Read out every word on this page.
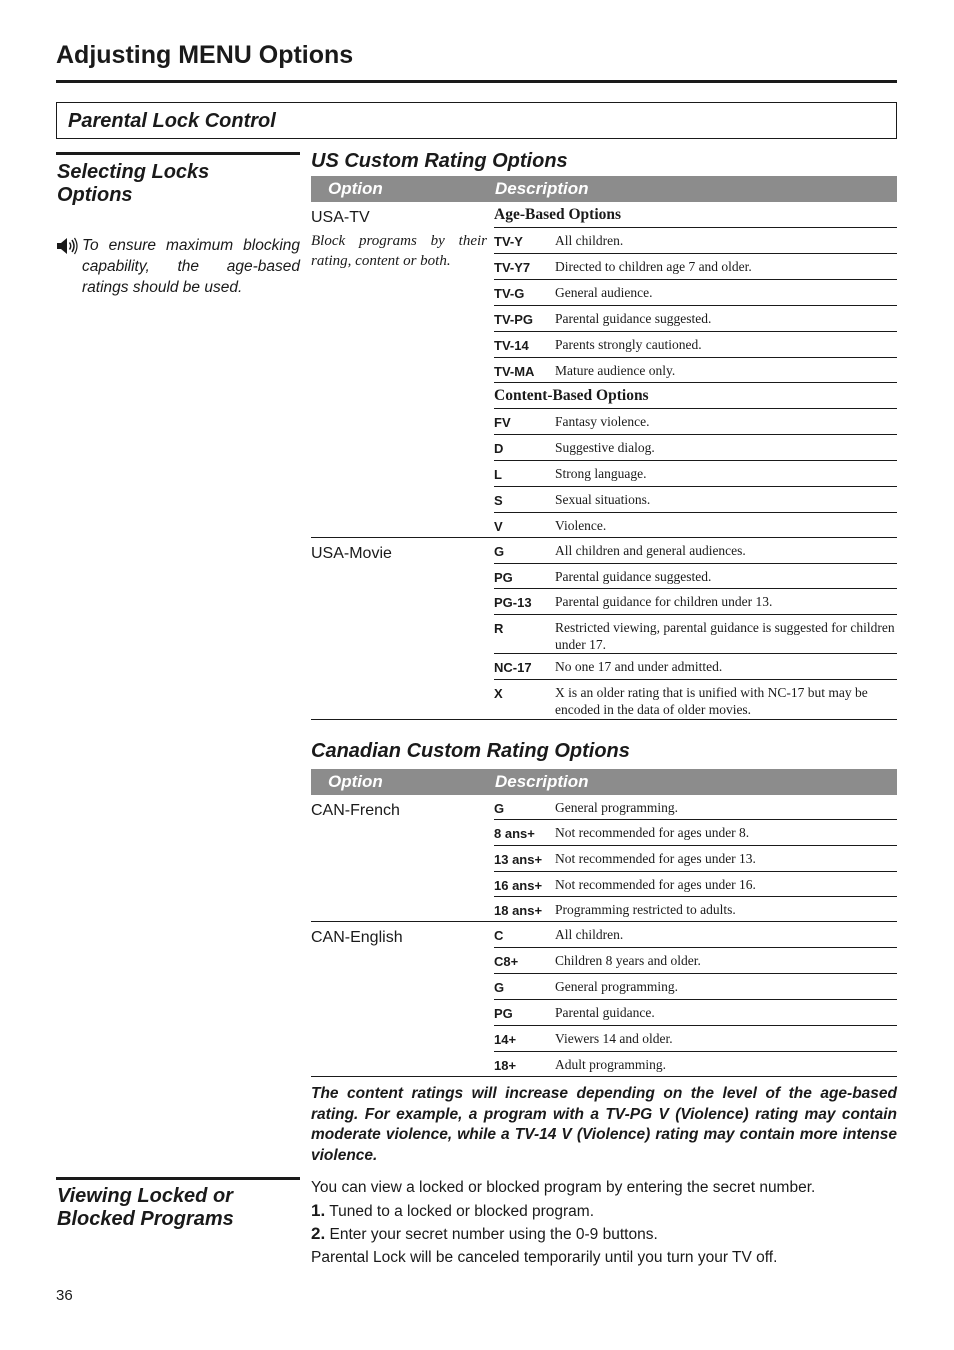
Adjusting MENU Options
Parental Lock Control
Selecting Locks
Options

To ensure maximum blocking capability, the age-based ratings should be used.

US Custom Rating Options
Option	Description
USA-TV
Block programs by their rating, content or both.
Age-Based Options
TV-Y	All children.
TV-Y7	Directed to children age 7 and older.
TV-G	General audience.
TV-PG	Parental guidance suggested.
TV-14	Parents strongly cautioned.
TV-MA	Mature audience only.
Content-Based Options
FV	Fantasy violence.
D	Suggestive dialog.
L	Strong language.
S	Sexual situations.
V	Violence.
USA-Movie	G	All children and general audiences.
PG	Parental guidance suggested.
PG-13	Parental guidance for children under 13.
R	Restricted viewing, parental guidance is suggested for children under 17.
NC-17	No one 17 and under admitted.
X	X is an older rating that is unified with NC-17 but may be encoded in the data of older movies.
Canadian Custom Rating Options
Option	Description
CAN-French	G	General programming.
8 ans+	Not recommended for ages under 8.
13 ans+ Not recommended for ages under 13.
16 ans+ Not recommended for ages under 16.
18 ans+ Programming restricted to adults.
CAN-English	C	All children.
C8+	Children 8 years and older.
G	General programming.
PG	Parental guidance.
14+	Viewers 14 and older.
18+	Adult programming.

The content ratings will increase depending on the level of the age-based rating. For example, a program with a TV-PG V (Violence) rating may contain moderate violence, while a TV-14 V (Violence) rating may contain more intense violence.

Viewing Locked or
Blocked Programs

You can view a locked or blocked program by entering the secret number.

1. Tuned to a locked or blocked program.

2. Enter your secret number using the 0-9 buttons.

Parental Lock will be canceled temporarily until you turn your TV off.

36
